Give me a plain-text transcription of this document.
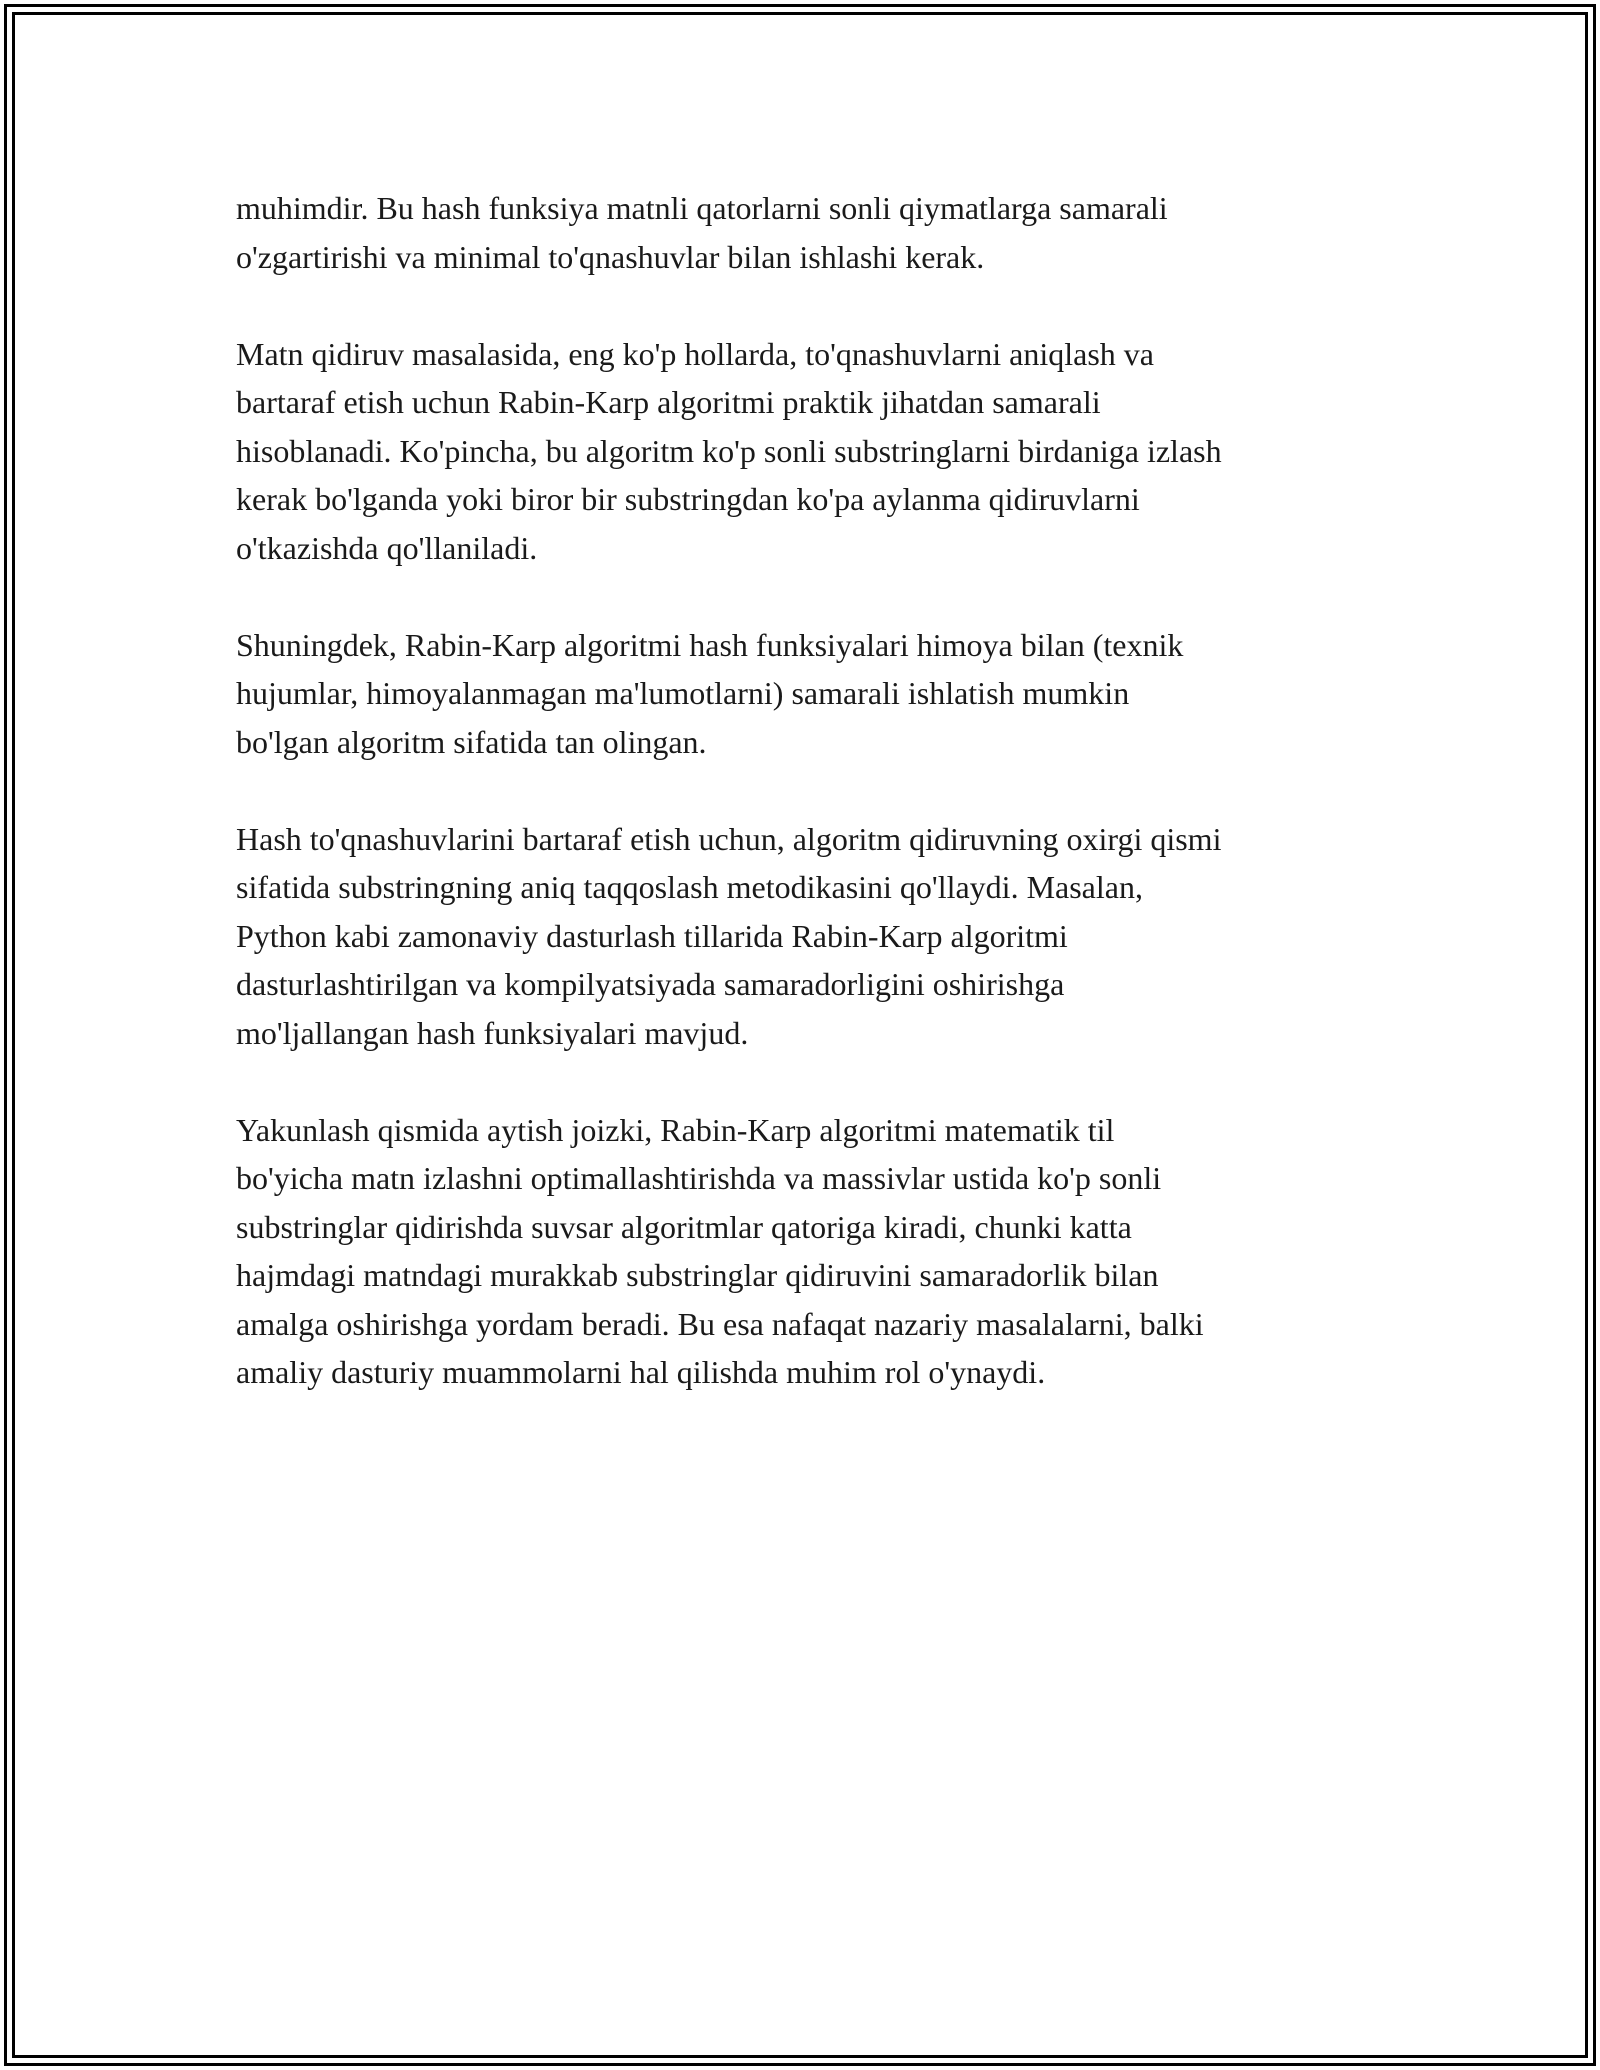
muhimdir. Bu hash funksiya matnli qatorlarni sonli qiymatlarga samarali
o'zgartirishi va minimal to'qnashuvlar bilan ishlashi kerak.

Matn qidiruv masalasida, eng ko'p hollarda, to'qnashuvlarni aniqlash va
bartaraf etish uchun Rabin-Karp algoritmi praktik jihatdan samarali
hisoblanadi. Ko'pincha, bu algoritm ko'p sonli substringlarni birdaniga izlash
kerak bo'lganda yoki biror bir substringdan ko'pa aylanma qidiruvlarni
o'tkazishda qo'llaniladi.

Shuningdek, Rabin-Karp algoritmi hash funksiyalari himoya bilan (texnik
hujumlar, himoyalanmagan ma'lumotlarni) samarali ishlatish mumkin
bo'lgan algoritm sifatida tan olingan.

Hash to'qnashuvlarini bartaraf etish uchun, algoritm qidiruvning oxirgi qismi
sifatida substringning aniq taqqoslash metodikasini qo'llaydi. Masalan,
Python kabi zamonaviy dasturlash tillarida Rabin-Karp algoritmi
dasturlashtirilgan va kompilyatsiyada samaradorligini oshirishga
mo'ljallangan hash funksiyalari mavjud.

Yakunlash qismida aytish joizki, Rabin-Karp algoritmi matematik til
bo'yicha matn izlashni optimallashtirishda va massivlar ustida ko'p sonli
substringlar qidirishda suvsar algoritmlar qatoriga kiradi, chunki katta
hajmdagi matndagi murakkab substringlar qidiruvini samaradorlik bilan
amalga oshirishga yordam beradi. Bu esa nafaqat nazariy masalalarni, balki
amaliy dasturiy muammolarni hal qilishda muhim rol o'ynaydi.
